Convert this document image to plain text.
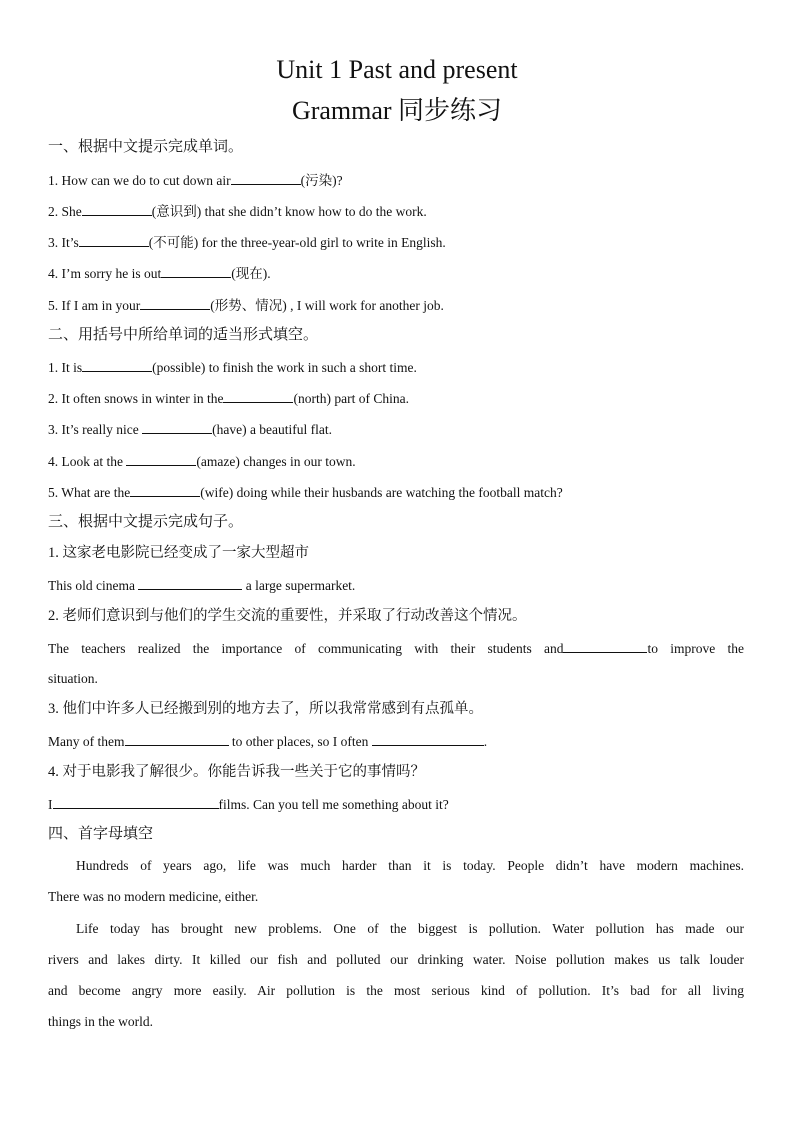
Unit 1 Past and present
Grammar 同步练习
一、根据中文提示完成单词。
1. How can we do to cut down air	(污染)?
2. She	(意识到) that she didn’t know how to do the work.
3. It’s	(不可能) for the three-year-old girl to write in English.
4. I’m sorry he is out	(现在).
5. If I am in your	(形势、情况) , I will work for another job.
二、用括号中所给单词的适当形式填空。
1. It is	(possible) to finish the work in such a short time.
2. It often snows in winter in the	(north) part of China.
3. It’s really nice	(have) a beautiful flat.
4. Look at the	(amaze) changes in our town.
5. What are the	(wife) doing while their husbands are watching the football match?
三、根据中文提示完成句子。
1. 这家老电影院已经变成了一家大型超市
This old cinema	a large supermarket.
2. 老师们意识到与他们的学生交流的重要性，并采取了行动改善这个情况。
The teachers realized the importance of communicating with their students and	to improve the
situation.
3. 他们中许多人已经搬到别的地方去了，所以我常常感到有点孤单。
Many of them	to other places, so I often	.
4. 对于电影我了解很少。你能告诉我一些关于它的事情吗？
I	films. Can you tell me something about it?
四、首字母填空
Hundreds of years ago, life was much harder than it is today. People didn’t have modern machines.
There was no modern medicine, either.
Life today has brought new problems. One of the biggest is pollution. Water pollution has made our
rivers and lakes dirty. It killed our fish and polluted our drinking water. Noise pollution makes us talk louder
and become angry more easily. Air pollution is the most serious kind of pollution. It’s bad for all living
things in the world.
